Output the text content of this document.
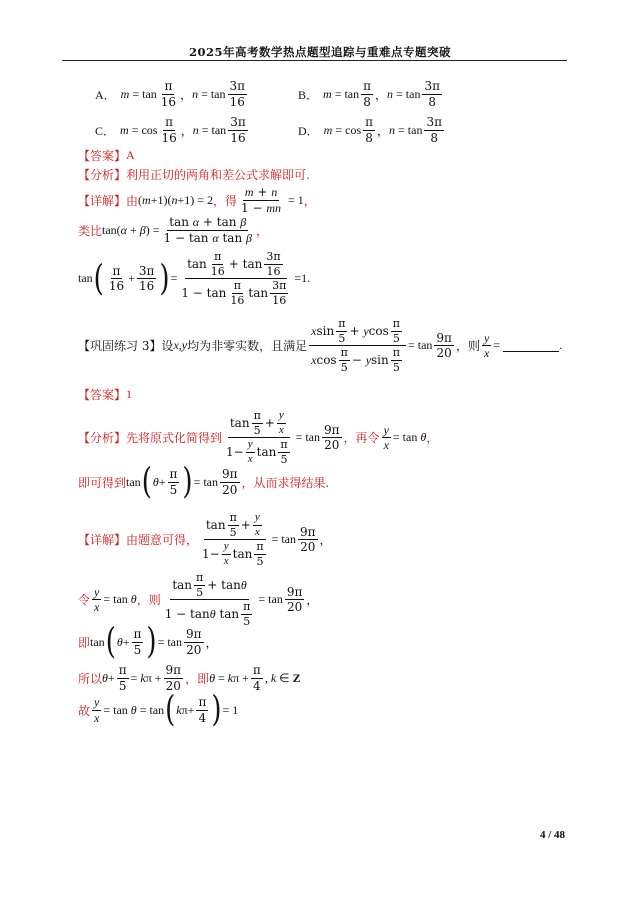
2025年高考数学热点题型追踪与重难点专题突破
A． $m = \tan \frac{\pi}{16}$ ， $n = \tan \frac{3\pi}{16}$	B． $m = \tan \frac{\pi}{8}$ ， $n = \tan \frac{3\pi}{8}$
C． $m = \cos \frac{\pi}{16}$ ， $n = \tan \frac{3\pi}{16}$	D． $m = \cos \frac{\pi}{8}$ ， $n = \tan \frac{3\pi}{8}$
【答案】 A
【分析】 利用正切的两角和差公式求解即可.
【详解】 由 (m+1)(n+1) = 2 ，得 $\frac{m + n}{1 - mn} = 1$ ，
类比 $\tan(\alpha + \beta) = \frac{\text{tan α + tan β}}{\text{1 − tan α tan β}}$ ，
tan ( $\frac{\pi}{16} + \frac{3\pi}{16}$ ) = $\frac{\tan \frac{\pi}{16} + \tan \frac{3\pi}{16}}{1 - \tan \frac{\pi}{16} \tan \frac{3\pi}{16}} =1$.
【巩固练习 3】 设 x , y 均为非零实数，且满足 $\frac{x \sin \frac{\pi}{5} + y \cos \frac{\pi}{5}}{x \cos \frac{\pi}{5} - y \sin \frac{\pi}{5}} = \tan \frac{9\pi}{20}$ ，则 $\frac{y}{x}$ =	.
【答案】 1
【分析】 先将原式化简得到 $\frac{\tan \frac{\pi}{5} + \frac{y}{x}}{1- \frac{y}{x} \tan \frac{\pi}{5}} = \tan \frac{9\pi}{20}$ ，再令 $\frac{y}{x} = \tan \theta$ ，
即可得到 tan ( $\theta + \frac{\pi}{5}$ ) = $\tan \frac{9\pi}{20}$ ，从而求得结果.
【详解】 由题意可得， $\frac{\tan \frac{\pi}{5} + \frac{y}{x}}{1- \frac{y}{x} \tan \frac{\pi}{5}} = \tan \frac{9\pi}{20}$ ，
令 $\frac{y}{x} = \tan \theta$ ，则 $\frac{\tan \frac{\pi}{5} + \tan \theta}{1 - \tan \theta \tan \frac{\pi}{5}} = \tan \frac{9\pi}{20}$ ，
即 tan ( $\theta + \frac{\pi}{5}$ ) = $\tan \frac{9\pi}{20}$ ，
所以 $\theta + \frac{\pi}{5} = k\pi + \frac{9\pi}{20}$ ，即 $\theta = k\pi + \frac{\pi}{4}$ , k ∈ Z
故 $\frac{y}{x} = \tan \theta = \tan$ ( k $\pi+ \frac{\pi}{4}$ ) = 1
4 / 48
